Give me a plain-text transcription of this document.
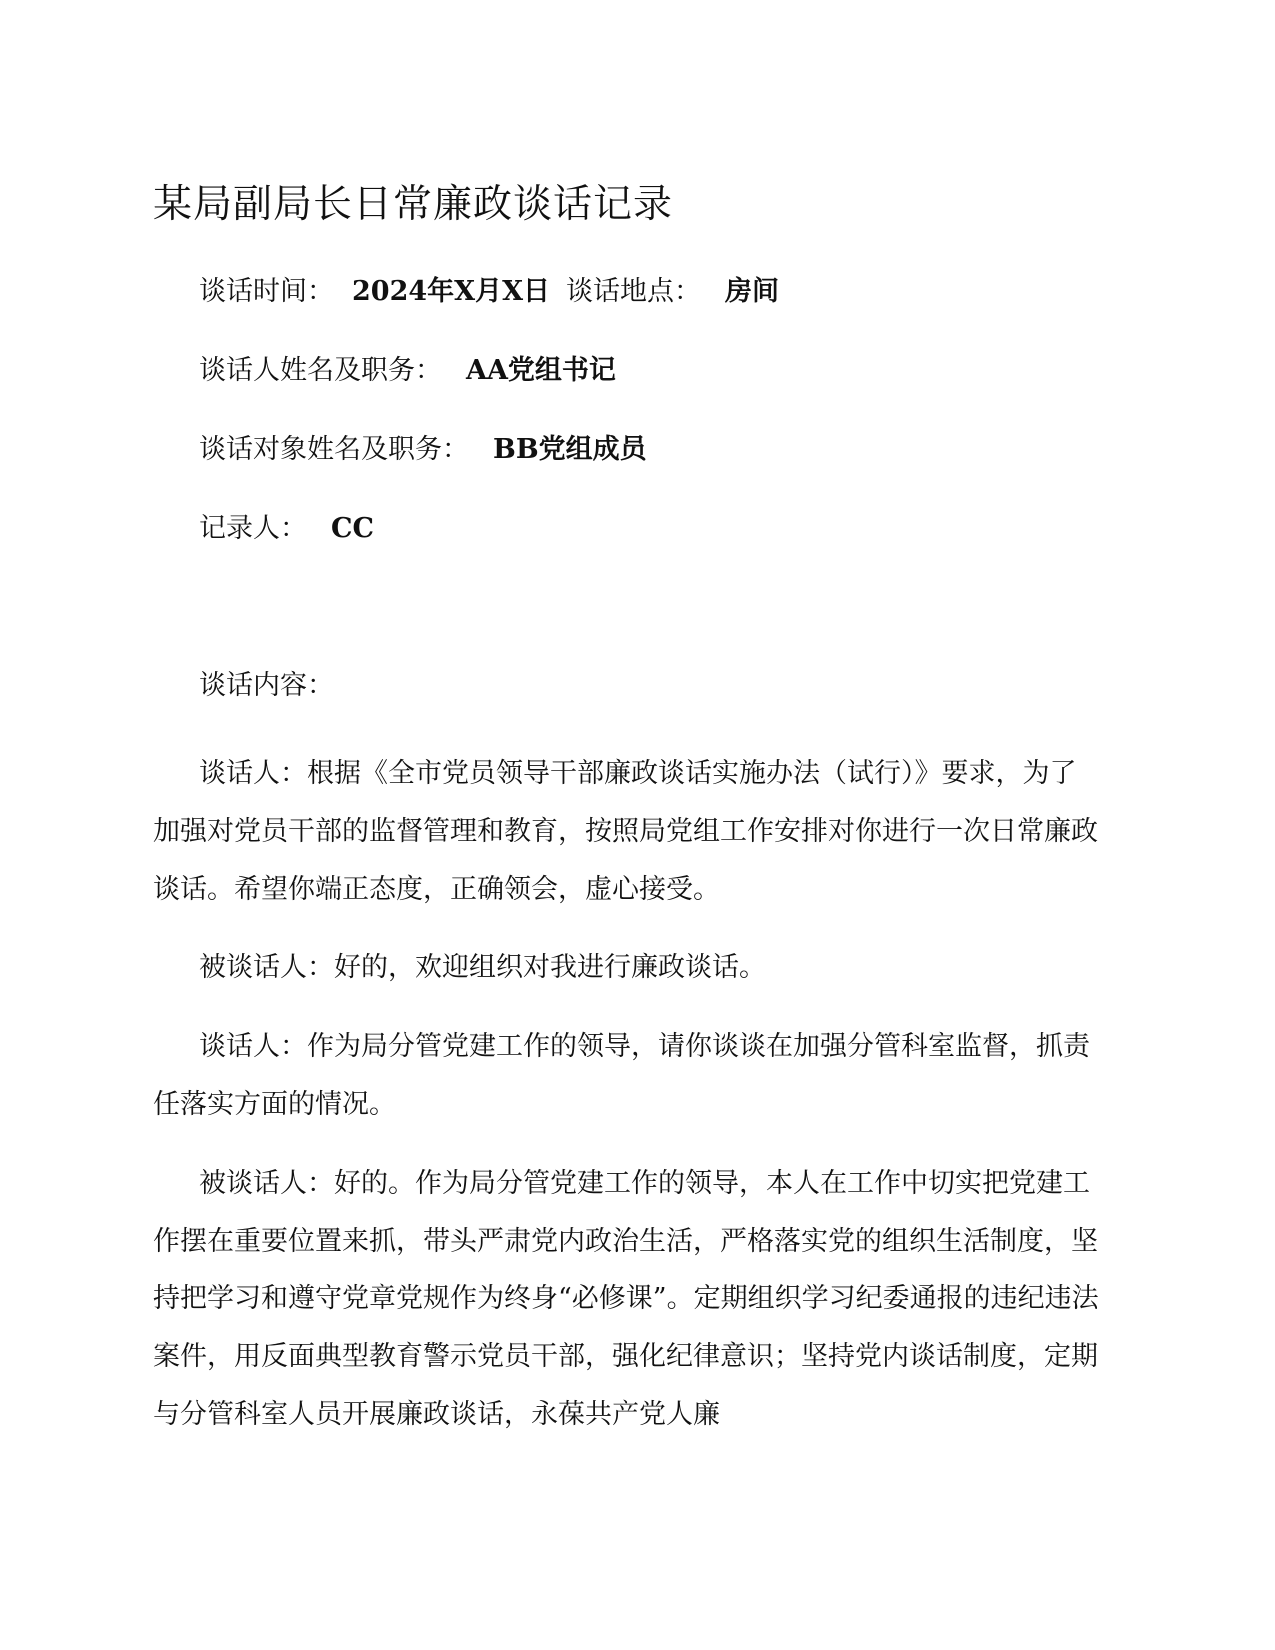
某局副局长日常廉政谈话记录
谈话时间： 2024年X月X日 谈话地点： 房间
谈话人姓名及职务： AA党组书记
谈话对象姓名及职务： BB党组成员
记录人： CC
谈话内容：

谈话人：根据《全市党员领导干部廉政谈话实施办法（试行）》要求，为了加强对党员干部的监督管理和教育，按照局党组工作安排对你进行一次日常廉政谈话。希望你端正态度，正确领会，虚心接受。

被谈话人：好的，欢迎组织对我进行廉政谈话。

谈话人：作为局分管党建工作的领导，请你谈谈在加强分管科室监督，抓责任落实方面的情况。

被谈话人：好的。作为局分管党建工作的领导，本人在工作中切实把党建工作摆在重要位置来抓，带头严肃党内政治生活，严格落实党的组织生活制度，坚持把学习和遵守党章党规作为终身“必修课”。定期组织学习纪委通报的违纪违法案件，用反面典型教育警示党员干部，强化纪律意识；坚持党内谈话制度，定期与分管科室人员开展廉政谈话，永葆共产党人廉
